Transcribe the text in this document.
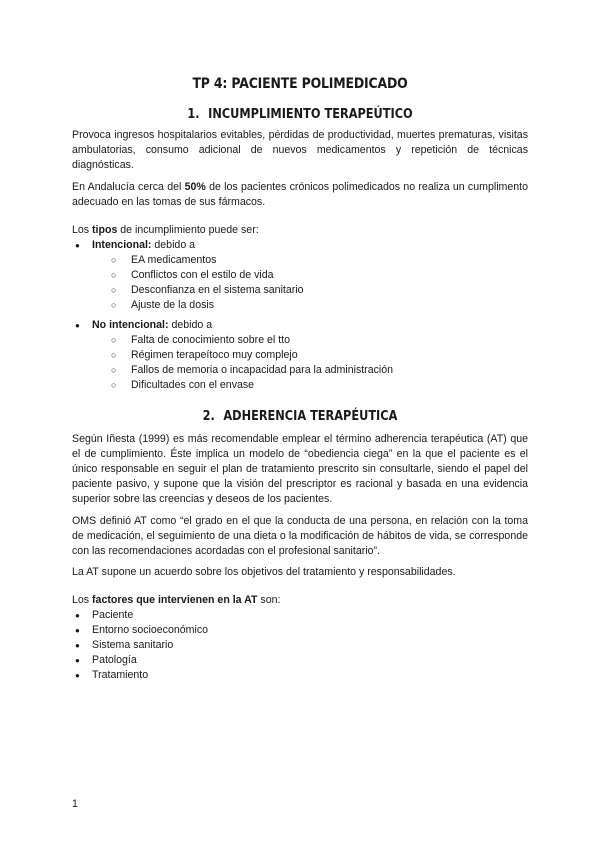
TP 4: PACIENTE POLIMEDICADO
1. INCUMPLIMIENTO TERAPEÚTICO

Provoca ingresos hospitalarios evitables, pérdidas de productividad, muertes prematuras, visitas ambulatorias, consumo adicional de nuevos medicamentos y repetición de técnicas diagnósticas.

En Andalucía cerca del 50% de los pacientes crónicos polimedicados no realiza un cumplimento adecuado en las tomas de sus fármacos.

Los tipos de incumplimiento puede ser:

● Intencional: debido a
○ EA medicamentos
○ Conflictos con el estilo de vida
○ Desconfianza en el sistema sanitario
○ Ajuste de la dosis
● No intencional: debido a
○ Falta de conocimiento sobre el tto
○ Régimen terapeítoco muy complejo
○ Fallos de memoria o incapacidad para la administración
○ Dificultades con el envase
2. ADHERENCIA TERAPÉUTICA

Según Iñesta (1999) es más recomendable emplear el término adherencia terapéutica (AT) que el de cumplimiento. Éste implica un modelo de “obediencia ciega” en la que el paciente es el único responsable en seguir el plan de tratamiento prescrito sin consultarle, siendo el papel del paciente pasivo, y supone que la visión del prescriptor es racional y basada en una evidencia superior sobre las creencias y deseos de los pacientes.

OMS definió AT como “el grado en el que la conducta de una persona, en relación con la toma de medicación, el seguimiento de una dieta o la modificación de hábitos de vida, se corresponde con las recomendaciones acordadas con el profesional sanitario”.

La AT supone un acuerdo sobre los objetivos del tratamiento y responsabilidades.

Los factores que intervienen en la AT son:

● Paciente
● Entorno socioeconómico
● Sistema sanitario
● Patología
● Tratamiento
1
